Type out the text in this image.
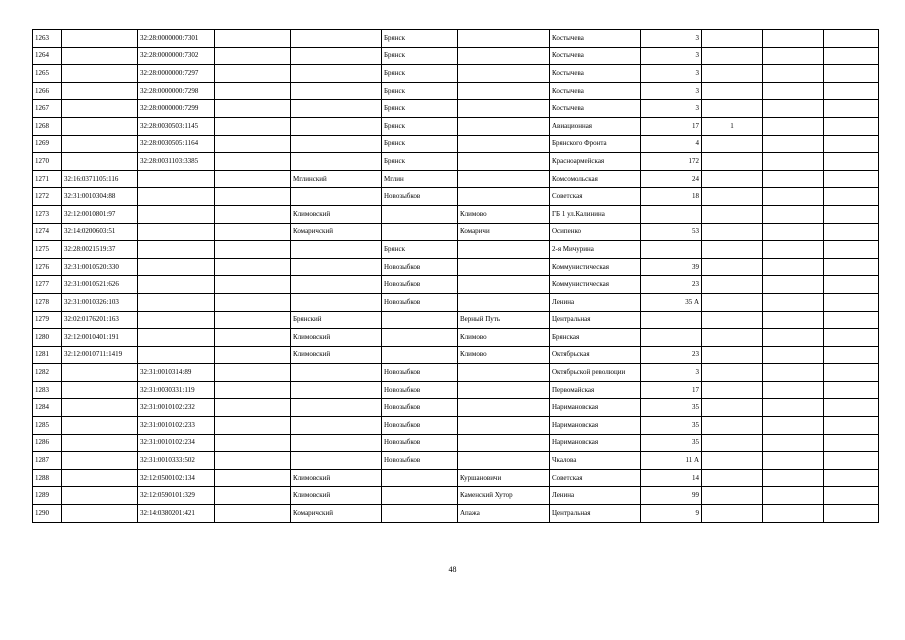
1263		32:28:0000000:7301			Брянск		Костычева	3			
1264		32:28:0000000:7302			Брянск		Костычева	3			
1265		32:28:0000000:7297			Брянск		Костычева	3			
1266		32:28:0000000:7298			Брянск		Костычева	3			
1267		32:28:0000000:7299			Брянск		Костычева	3			
1268		32:28:0030503:1145			Брянск		Авиационная	17	1		
1269		32:28:0030505:1164			Брянск		Брянского Фронта	4			
1270		32:28:0031103:3385			Брянск		Красноармейская	172			
1271	32:16:0371105:116			Мглинский	Мглин		Комсомольская	24			
1272	32:31:0010304:88				Новозыбков		Советская	18			
1273	32:12:0010801:97			Климовский		Климово	ГБ 1 ул.Калинина				
1274	32:14:0200603:51			Комаричский		Комаричи	Осипенко	53			
1275	32:28:0021519:37				Брянск		2-я Мичурина				
1276	32:31:0010520:330				Новозыбков		Коммунистическая	39			
1277	32:31:0010521:626				Новозыбков		Коммунистическая	23			
1278	32:31:0010326:103				Новозыбков		Ленина	35 А			
1279	32:02:0176201:163			Брянский		Верный Путь	Центральная				
1280	32:12:0010401:191			Климовский		Климово	Брянская				
1281	32:12:0010711:1419			Климовский		Климово	Октябрьская	23			
1282		32:31:0010314:89			Новозыбков		Октябрьской революции	3			
1283		32:31:0030331:119			Новозыбков		Первомайская	17			
1284		32:31:0010102:232			Новозыбков		Наримановская	35			
1285		32:31:0010102:233			Новозыбков		Наримановская	35			
1286		32:31:0010102:234			Новозыбков		Наримановская	35			
1287		32:31:0010333:502			Новозыбков		Чкалова	11 А			
1288		32:12:0500102:134		Климовский		Куршановичи	Советская	14			
1289		32:12:0590101:329		Климовский		Каменский Хутор	Ленина	99			
1290		32:14:0380201:421		Комаричский		Апажа	Центральная	9			
48
